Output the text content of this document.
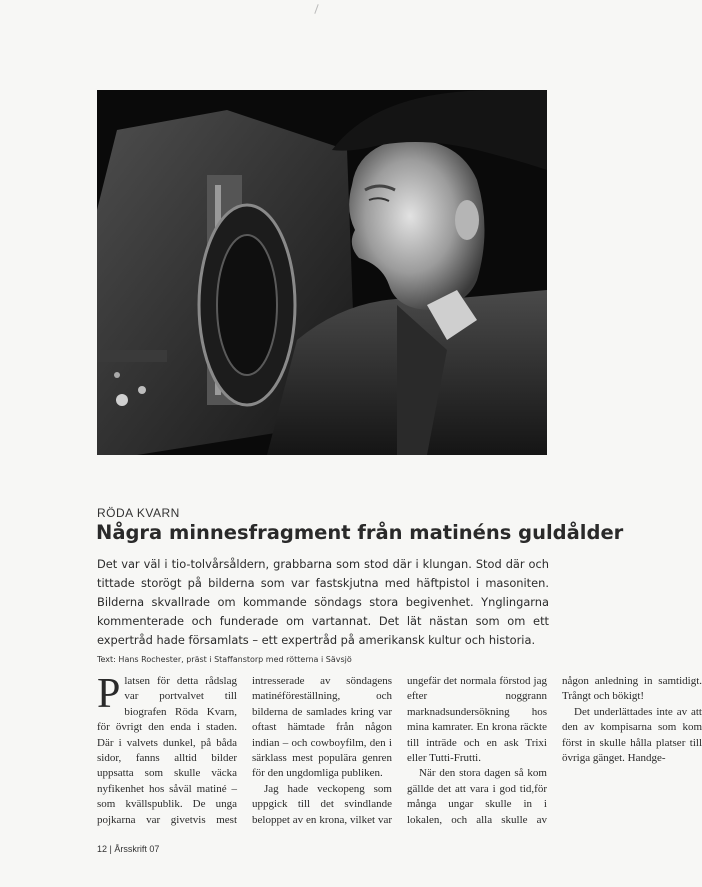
RÖDA KVARN
Några minnesfragment från matinéns guldålder
Det var väl i tio-tolvårsåldern, grabbarna som stod där i klungan. Stod där och tittade storögt på bilderna som var fastskjutna med häftpistol i masoniten. Bilderna skvallrade om kommande söndags stora begivenhet. Ynglingarna kommenterade och funderade om vartannat. Det lät nästan som om ett expertråd hade församlats – ett expertråd på amerikansk kultur och historia.
Text: Hans Rochester, präst i Staffanstorp med rötterna i Sävsjö

Platsen för detta rådslag var portvalvet till biografen Röda Kvarn, för övrigt den enda i staden. Där i valvets dunkel, på båda sidor, fanns alltid bilder uppsatta som skulle väcka nyfikenhet hos såväl matiné – som kvällspublik. De unga pojkarna var givetvis mest intresserade av söndagens matinéföreställning, och bilderna de samlades kring var oftast hämtade från någon indian – och cowboyfilm, den i särklass mest populära genren för den ungdomliga publiken.

Jag hade veckopeng som uppgick till det svindlande beloppet av en krona, vilket var ungefär det normala förstod jag efter noggrann marknadsundersökning hos mina kamrater. En krona räckte till inträde och en ask Trixi eller Tutti-Frutti.

När den stora dagen så kom gällde det att vara i god tid,för många ungar skulle in i lokalen, och alla skulle av någon anledning in samtidigt. Trångt och bökigt!

Det underlättades inte av att den av kompisarna som kom först in skulle hålla platser till övriga gänget. Handge-

12 | Årsskrift 07
